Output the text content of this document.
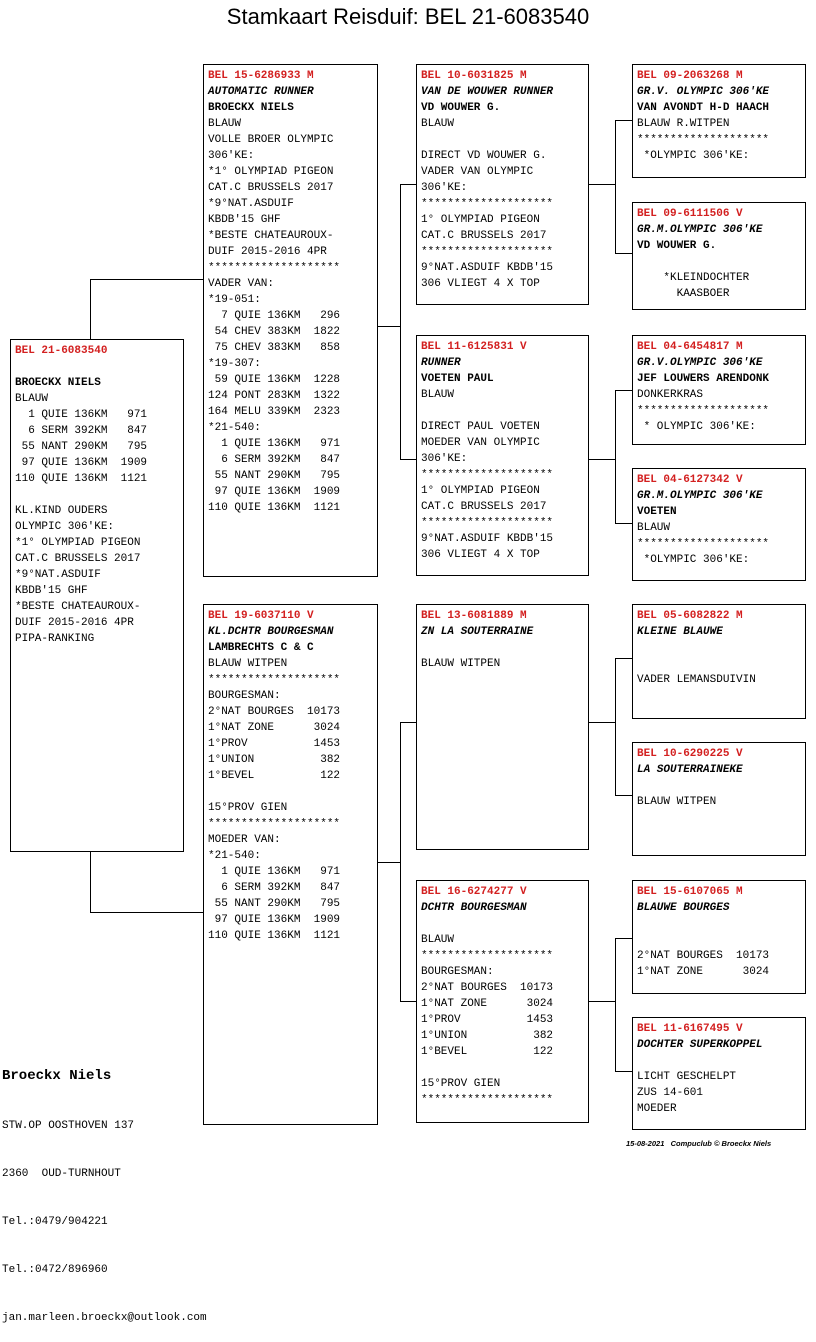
Stamkaart Reisduif: BEL 21-6083540
BEL 21-6083540
BROECKX NIELS
BLAUW
1 QUIE 136KM   971
6 SERM 392KM   847
55 NANT 290KM   795
97 QUIE 136KM  1909
110 QUIE 136KM  1121
KL.KIND OUDERS
OLYMPIC 306'KE:
*1° OLYMPIAD PIGEON
CAT.C BRUSSELS 2017
*9°NAT.ASDUIF
KBDB'15 GHF
*BESTE CHATEAUROUX-
DUIF 2015-2016 4PR
PIPA-RANKING
BEL 15-6286933 M
AUTOMATIC RUNNER
BROECKX NIELS
BLAUW
VOLLE BROER OLYMPIC
306'KE:
*1° OLYMPIAD PIGEON
CAT.C BRUSSELS 2017
*9°NAT.ASDUIF
KBDB'15 GHF
*BESTE CHATEAUROUX-
DUIF 2015-2016 4PR
********************
VADER VAN:
*19-051:
7 QUIE 136KM   296
54 CHEV 383KM  1822
75 CHEV 383KM   858
*19-307:
59 QUIE 136KM  1228
124 PONT 283KM  1322
164 MELU 339KM  2323
*21-540:
1 QUIE 136KM   971
6 SERM 392KM   847
55 NANT 290KM   795
97 QUIE 136KM  1909
110 QUIE 136KM  1121
BEL 19-6037110 V
KL.DCHTR BOURGESMAN
LAMBRECHTS C & C
BLAUW WITPEN
********************
BOURGESMAN:
2°NAT BOURGES  10173
1°NAT ZONE      3024
1°PROV          1453
1°UNION          382
1°BEVEL          122
15°PROV GIEN
********************
MOEDER VAN:
*21-540:
1 QUIE 136KM   971
6 SERM 392KM   847
55 NANT 290KM   795
97 QUIE 136KM  1909
110 QUIE 136KM  1121
BEL 10-6031825 M
VAN DE WOUWER RUNNER
VD WOUWER G.
BLAUW
DIRECT VD WOUWER G.
VADER VAN OLYMPIC
306'KE:
********************
1° OLYMPIAD PIGEON
CAT.C BRUSSELS 2017
********************
9°NAT.ASDUIF KBDB'15
306 VLIEGT 4 X TOP
BEL 11-6125831 V
RUNNER
VOETEN PAUL
BLAUW
DIRECT PAUL VOETEN
MOEDER VAN OLYMPIC
306'KE:
********************
1° OLYMPIAD PIGEON
CAT.C BRUSSELS 2017
********************
9°NAT.ASDUIF KBDB'15
306 VLIEGT 4 X TOP
BEL 13-6081889 M
ZN LA SOUTERRAINE
BLAUW WITPEN
BEL 16-6274277 V
DCHTR BOURGESMAN
BLAUW
********************
BOURGESMAN:
2°NAT BOURGES  10173
1°NAT ZONE      3024
1°PROV          1453
1°UNION          382
1°BEVEL          122
15°PROV GIEN
********************
BEL 09-2063268 M
GR.V. OLYMPIC 306'KE
VAN AVONDT H-D HAACH
BLAUW R.WITPEN
********************
*OLYMPIC 306'KE:
BEL 09-6111506 V
GR.M.OLYMPIC 306'KE
VD WOUWER G.
*KLEINDOCHTER
KAASBOER
BEL 04-6454817 M
GR.V.OLYMPIC 306'KE
JEF LOUWERS ARENDONK
DONKERKRAS
********************
* OLYMPIC 306'KE:
BEL 04-6127342 V
GR.M.OLYMPIC 306'KE
VOETEN
BLAUW
********************
*OLYMPIC 306'KE:
BEL 05-6082822 M
KLEINE BLAUWE
VADER LEMANSDUIVIN
BEL 10-6290225 V
LA SOUTERRAINEKE
BLAUW WITPEN
BEL 15-6107065 M
BLAUWE BOURGES
2°NAT BOURGES  10173
1°NAT ZONE      3024
BEL 11-6167495 V
DOCHTER SUPERKOPPEL
LICHT GESCHELPT
ZUS 14-601
MOEDER

Broeckx Niels

STW.OP OOSTHOVEN 137

2360  OUD-TURNHOUT

Tel.:0479/904221

Tel.:0472/896960

jan.marleen.broeckx@outlook.com

15-08-2021   Compuclub © Broeckx Niels
